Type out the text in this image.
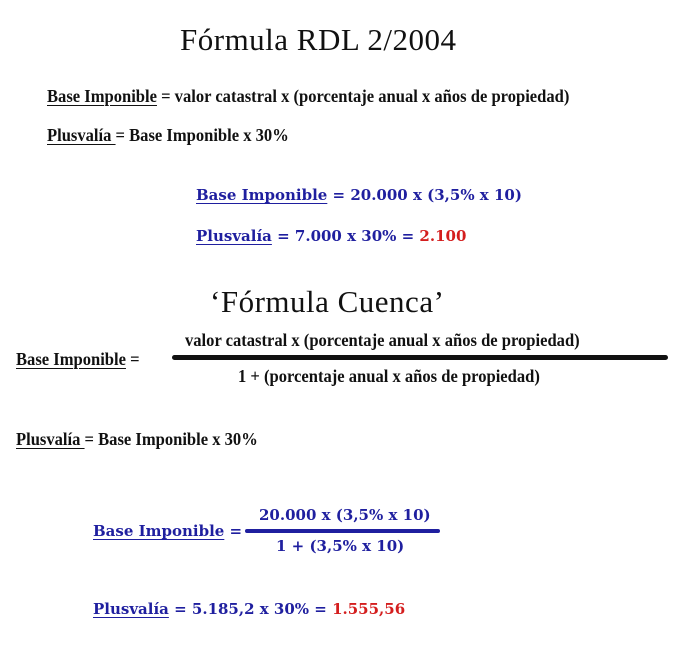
Fórmula RDL 2/2004
Base Imponible = valor catastral x (porcentaje anual x años de propiedad)
Plusvalía = Base Imponible x 30%
Base Imponible = 20.000 x (3,5% x 10)
Plusvalía = 7.000 x 30% = 2.100
‘Fórmula Cuenca’
Base Imponible =
valor catastral x (porcentaje anual x años de propiedad)
1 + (porcentaje anual x años de propiedad)
Plusvalía = Base Imponible x 30%
Base Imponible =
20.000 x (3,5% x 10)
1 + (3,5% x 10)
Plusvalía = 5.185,2 x 30% = 1.555,56
